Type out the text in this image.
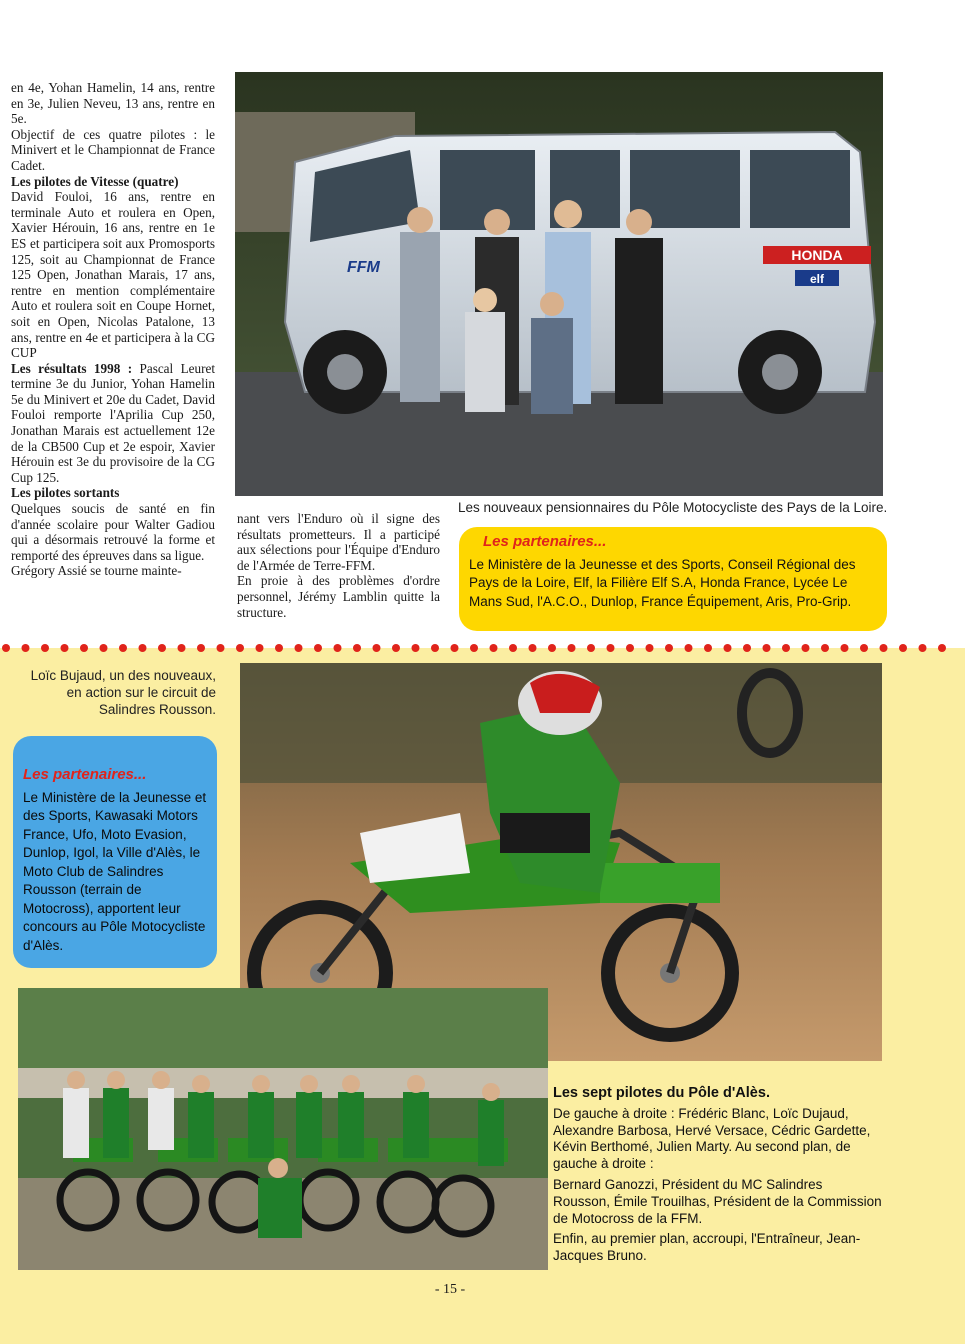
en 4e, Yohan Hamelin, 14 ans, rentre en 3e, Julien Neveu, 13 ans, rentre en 5e.

Objectif de ces quatre pilotes : le Minivert et le Championnat de France Cadet.

Les pilotes de Vitesse (quatre)

David Fouloi, 16 ans, rentre en terminale Auto et roulera en Open, Xavier Hérouin, 16 ans, rentre en 1e ES et participera soit aux Promosports 125, soit au Championnat de France 125 Open, Jonathan Marais, 17 ans, rentre en mention complémentaire Auto et roulera soit en Coupe Hornet, soit en Open, Nicolas Patalone, 13 ans, rentre en 4e et participera à la CG CUP

Les résultats 1998 : Pascal Leuret termine 3e du Junior, Yohan Hamelin 5e du Minivert et 20e du Cadet, David Fouloi remporte l'Aprilia Cup 250, Jonathan Marais est actuellement 12e de la CB500 Cup et 2e espoir, Xavier Hérouin est 3e du provisoire de la CG Cup 125.

Les pilotes sortants

Quelques soucis de santé en fin d'année scolaire pour Walter Gadiou qui a désormais retrouvé la forme et remporté des épreuves dans sa ligue.

Grégory Assié se tourne mainte-

HONDA
elf
FFM

nant vers l'Enduro où il signe des résultats prometteurs. Il a participé aux sélections pour l'Équipe d'Enduro de l'Armée de Terre-FFM.

En proie à des problèmes d'ordre personnel, Jérémy Lamblin quitte la structure.

Les nouveaux pensionnaires du Pôle Motocycliste des Pays de la Loire.
Les partenaires...
Le Ministère de la Jeunesse et des Sports, Conseil Régional des Pays de la Loire, Elf, la Filière Elf S.A, Honda France, Lycée Le Mans Sud, l'A.C.O., Dunlop, France Équipement, Aris, Pro-Grip.
Loïc Bujaud, un des nouveaux, en action sur le circuit de Salindres Rousson.
Les partenaires...
Le Ministère de la Jeunesse et des Sports, Kawasaki Motors France, Ufo, Moto Evasion, Dunlop, Igol, la Ville d'Alès, le Moto Club de Salindres Rousson (terrain de Motocross), apportent leur concours au Pôle Motocycliste d'Alès.
Les sept pilotes du Pôle d'Alès.

De gauche à droite : Frédéric Blanc, Loïc Dujaud, Alexandre Barbosa, Hervé Versace, Cédric Gardette, Kévin Berthomé, Julien Marty. Au second plan, de gauche à droite :

Bernard Ganozzi, Président du MC Salindres Rousson, Émile Trouilhas, Président de la Commission de Motocross de la FFM.

Enfin, au premier plan, accroupi, l'Entraîneur, Jean-Jacques Bruno.

- 15 -
